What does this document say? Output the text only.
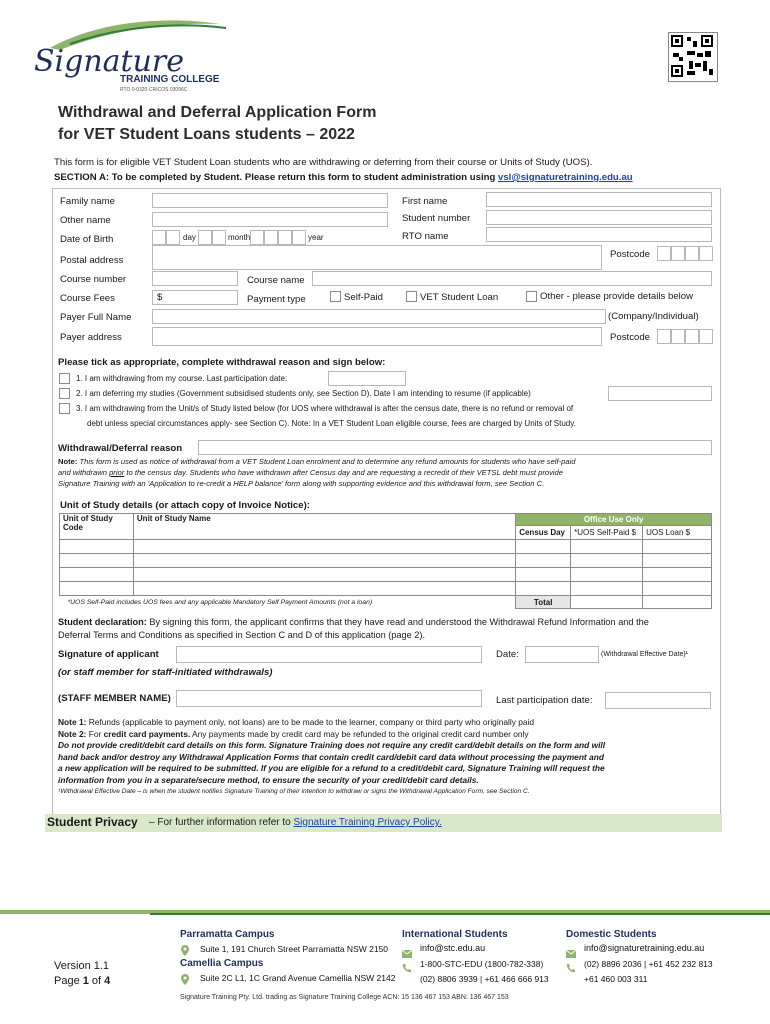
Signature
TRAINING COLLEGE
RTO 0-0320·CRICOS 03096C
Withdrawal and Deferral Application Form
for VET Student Loans students – 2022
This form is for eligible VET Student Loan students who are withdrawing or deferring from their course or Units of Study (UOS).
SECTION A: To be completed by Student. Please return this form to student administration using vsl@signaturetraining.edu.au
Family name	First name
Other name	Student number
Date of Birth	day	month	year	RTO name
Postal address
Postcode
Course number	Course name
Course Fees	$	Payment type	Self-Paid	VET Student Loan	Other - please provide details below
Payer Full Name	(Company/Individual)
Payer address	Postcode
Please tick as appropriate, complete withdrawal reason and sign below:
1. I am withdrawing from my course. Last participation date:
2. I am deferring my studies (Government subsidised students only, see Section D). Date I am intending to resume (if applicable)
3. I am withdrawing from the Unit/s of Study listed below (for UOS where withdrawal is after the census date, there is no refund or removal of
debt unless special circumstances apply- see Section C). Note: In a VET Student Loan eligible course, fees are charged by Units of Study.
Withdrawal/Deferral reason
Note: This form is used as notice of withdrawal from a VET Student Loan enrolment and to determine any refund amounts for students who have self-paid
and withdrawn prior to the census day. Students who have withdrawn after Census day and are requesting a recredit of their VETSL debt must provide
Signature Training with an 'Application to re-credit a HELP balance' form along with supporting evidence and this withdrawal form, see Section C.
Unit of Study details (or attach copy of Invoice Notice):
Unit of Study Code	Unit of Study Name	Office Use Only		
		Census Day	*UOS Self-Paid $	UOS Loan $

*UOS Self-Paid includes UOS fees and any applicable Mandatory Self Payment Amounts (not a loan)		Total		
Student declaration: By signing this form, the applicant confirms that they have read and understood the Withdrawal Refund Information and the
Deferral Terms and Conditions as specified in Section C and D of this application (page 2).
Signature of applicant	Date:	(Withdrawal Effective Date)¹
(or staff member for staff-initiated withdrawals)
(STAFF MEMBER NAME)	Last participation date:
Note 1: Refunds (applicable to payment only, not loans) are to be made to the learner, company or third party who originally paid
Note 2: For credit card payments. Any payments made by credit card may be refunded to the original credit card number only
Do not provide credit/debit card details on this form. Signature Training does not require any credit card/debit details on the form and will
hand back and/or destroy any Withdrawal Application Forms that contain credit card/debit card data without processing the payment and
a new application will be required to be submitted. If you are eligible for a refund to a credit/debit card, Signature Training will request the
information from you in a separate/secure method, to ensure the security of your credit/debit card details.
¹Withdrawal Effective Date – is when the student notifies Signature Training of their intention to withdraw or signs the Withdrawal Application Form, see Section C.
Student Privacy – For further information refer to Signature Training Privacy Policy.
Version 1.1
Page 1 of 4
Parramatta Campus
Suite 1, 191 Church Street Parramatta NSW 2150
Camellia Campus
Suite 2C L1, 1C Grand Avenue Camellia NSW 2142
International Students
info@stc.edu.au
1-800-STC-EDU (1800-782-338)
(02) 8806 3939 | +61 466 666 913
Domestic Students
info@signaturetraining.edu.au
(02) 8896 2036 | +61 452 232 813
+61 460 003 311
Signature Training Pty. Ltd. trading as Signature Training College ACN: 15 136 467 153 ABN: 136 467 153
